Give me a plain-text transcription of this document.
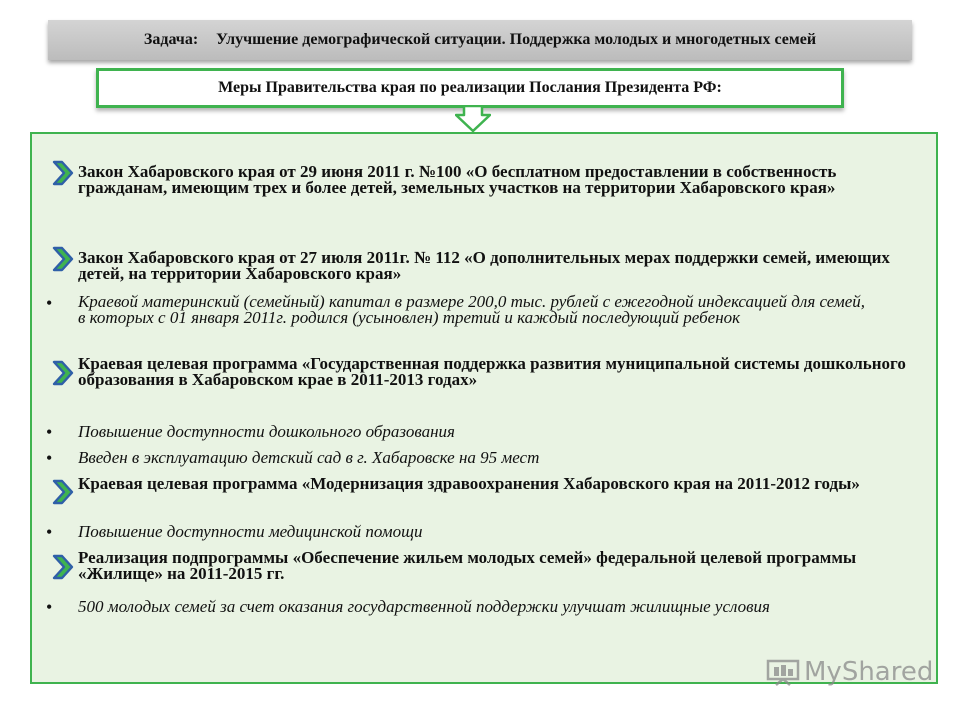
Задача: Улучшение демографической ситуации. Поддержка молодых и многодетных семей
Меры Правительства края по реализации Послания Президента РФ:

Закон Хабаровского края от 29 июня 2011 г. №100 «О бесплатном предоставлении в собственность гражданам, имеющим трех и более детей, земельных участков на территории Хабаровского края»

Закон Хабаровского края от 27 июля 2011г. № 112 «О дополнительных мерах поддержки семей, имеющих детей, на территории Хабаровского края»

• Краевой материнский (семейный) капитал в размере 200,0 тыс. рублей с ежегодной индексацией для семей, в которых с 01 января 2011г. родился (усыновлен) третий и каждый последующий ребенок

Краевая целевая программа «Государственная поддержка развития муниципальной системы дошкольного образования в Хабаровском крае в 2011-2013 годах»

• Повышение доступности дошкольного образования

• Введен в эксплуатацию детский сад в г. Хабаровске на 95 мест

Краевая целевая программа «Модернизация здравоохранения Хабаровского края на 2011-2012 годы»

• Повышение доступности медицинской помощи

Реализация подпрограммы «Обеспечение жильем молодых семей» федеральной целевой программы «Жилище» на 2011-2015 гг.

• 500 молодых семей за счет оказания государственной поддержки улучшат жилищные условия

MyShared
